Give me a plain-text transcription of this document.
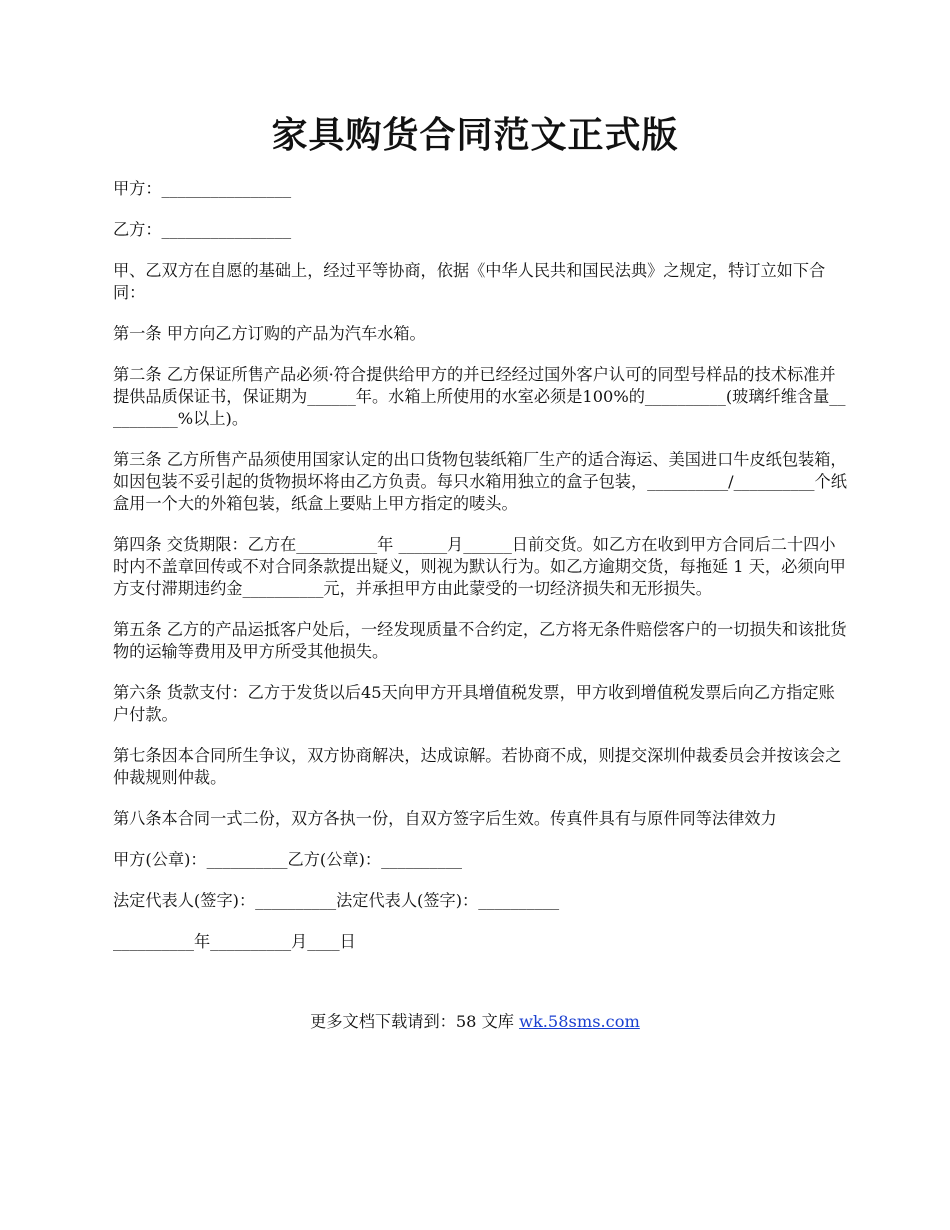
家具购货合同范文正式版

甲方：________________

乙方：________________

甲、乙双方在自愿的基础上，经过平等协商，依据《中华人民共和国民法典》之规定，特订立如下合同：

第一条 甲方向乙方订购的产品为汽车水箱。

第二条 乙方保证所售产品必须·符合提供给甲方的并已经经过国外客户认可的同型号样品的技术标准并提供品质保证书，保证期为______年。水箱上所使用的水室必须是100%的__________(玻璃纤维含量__________%以上)。

第三条 乙方所售产品须使用国家认定的出口货物包装纸箱厂生产的适合海运、美国进口牛皮纸包装箱，如因包装不妥引起的货物损坏将由乙方负责。每只水箱用独立的盒子包装，__________/__________个纸盒用一个大的外箱包装，纸盒上要贴上甲方指定的唛头。

第四条 交货期限：乙方在__________年 ______月______日前交货。如乙方在收到甲方合同后二十四小时内不盖章回传或不对合同条款提出疑义，则视为默认行为。如乙方逾期交货，每拖延 1 天，必须向甲方支付滞期违约金__________元，并承担甲方由此蒙受的一切经济损失和无形损失。

第五条 乙方的产品运抵客户处后，一经发现质量不合约定，乙方将无条件赔偿客户的一切损失和该批货物的运输等费用及甲方所受其他损失。

第六条 货款支付：乙方于发货以后45天向甲方开具增值税发票，甲方收到增值税发票后向乙方指定账户付款。

第七条因本合同所生争议，双方协商解决，达成谅解。若协商不成，则提交深圳仲裁委员会并按该会之仲裁规则仲裁。

第八条本合同一式二份，双方各执一份，自双方签字后生效。传真件具有与原件同等法律效力

甲方(公章)：__________乙方(公章)：__________

法定代表人(签字)：__________法定代表人(签字)：__________

__________年__________月____日

更多文档下载请到：58 文库 wk.58sms.com
